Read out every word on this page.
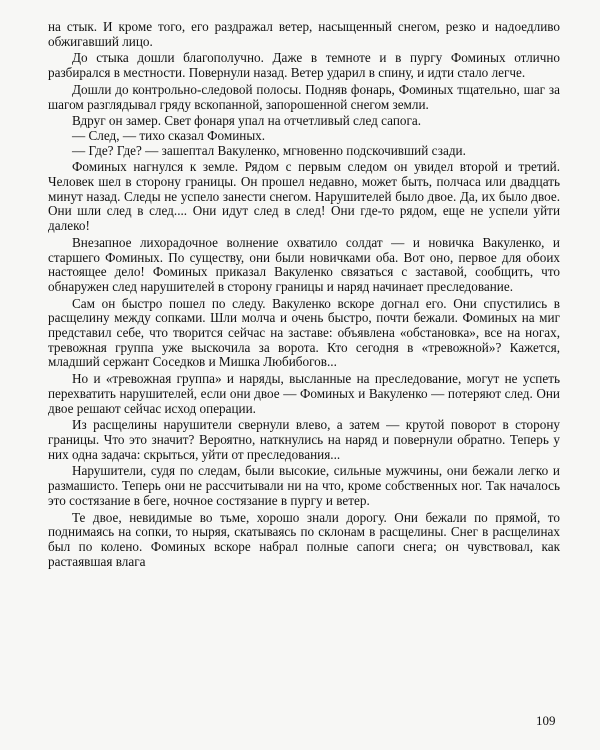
на стык. И кроме того, его раздражал ветер, насыщенный снегом, резко и надоедливо обжигавший лицо.

До стыка дошли благополучно. Даже в темноте и в пургу Фоминых отлично разбирался в местности. Повернули назад. Ветер ударил в спину, и идти стало легче.

Дошли до контрольно-следовой полосы. Подняв фонарь, Фоминых тщательно, шаг за шагом разглядывал гряду вскопанной, запорошенной снегом земли.

Вдруг он замер. Свет фонаря упал на отчетливый след сапога.

— След, — тихо сказал Фоминых.

— Где? Где? — зашептал Вакуленко, мгновенно подскочивший сзади.

Фоминых нагнулся к земле. Рядом с первым следом он увидел второй и третий. Человек шел в сторону границы. Он прошел недавно, может быть, полчаса или двадцать минут назад. Следы не успело занести снегом. Нарушителей было двое. Да, их было двое. Они шли след в след.... Они идут след в след! Они где-то рядом, еще не успели уйти далеко!

Внезапное лихорадочное волнение охватило солдат — и новичка Вакуленко, и старшего Фоминых. По существу, они были новичками оба. Вот оно, первое для обоих настоящее дело! Фоминых приказал Вакуленко связаться с заставой, сообщить, что обнаружен след нарушителей в сторону границы и наряд начинает преследование.

Сам он быстро пошел по следу. Вакуленко вскоре догнал его. Они спустились в расщелину между сопками. Шли молча и очень быстро, почти бежали. Фоминых на миг представил себе, что творится сейчас на заставе: объявлена «обстановка», все на ногах, тревожная группа уже выскочила за ворота. Кто сегодня в «тревожной»? Кажется, младший сержант Соседков и Мишка Любибогов...

Но и «тревожная группа» и наряды, высланные на преследование, могут не успеть перехватить нарушителей, если они двое — Фоминых и Вакуленко — потеряют след. Они двое решают сейчас исход операции.

Из расщелины нарушители свернули влево, а затем — крутой поворот в сторону границы. Что это значит? Вероятно, наткнулись на наряд и повернули обратно. Теперь у них одна задача: скрыться, уйти от преследования...

Нарушители, судя по следам, были высокие, сильные мужчины, они бежали легко и размашисто. Теперь они не рассчитывали ни на что, кроме собственных ног. Так началось это состязание в беге, ночное состязание в пургу и ветер.

Те двое, невидимые во тьме, хорошо знали дорогу. Они бежали по прямой, то поднимаясь на сопки, то ныряя, скатываясь по склонам в расщелины. Снег в расщелинах был по колено. Фоминых вскоре набрал полные сапоги снега; он чувствовал, как растаявшая влага

109
